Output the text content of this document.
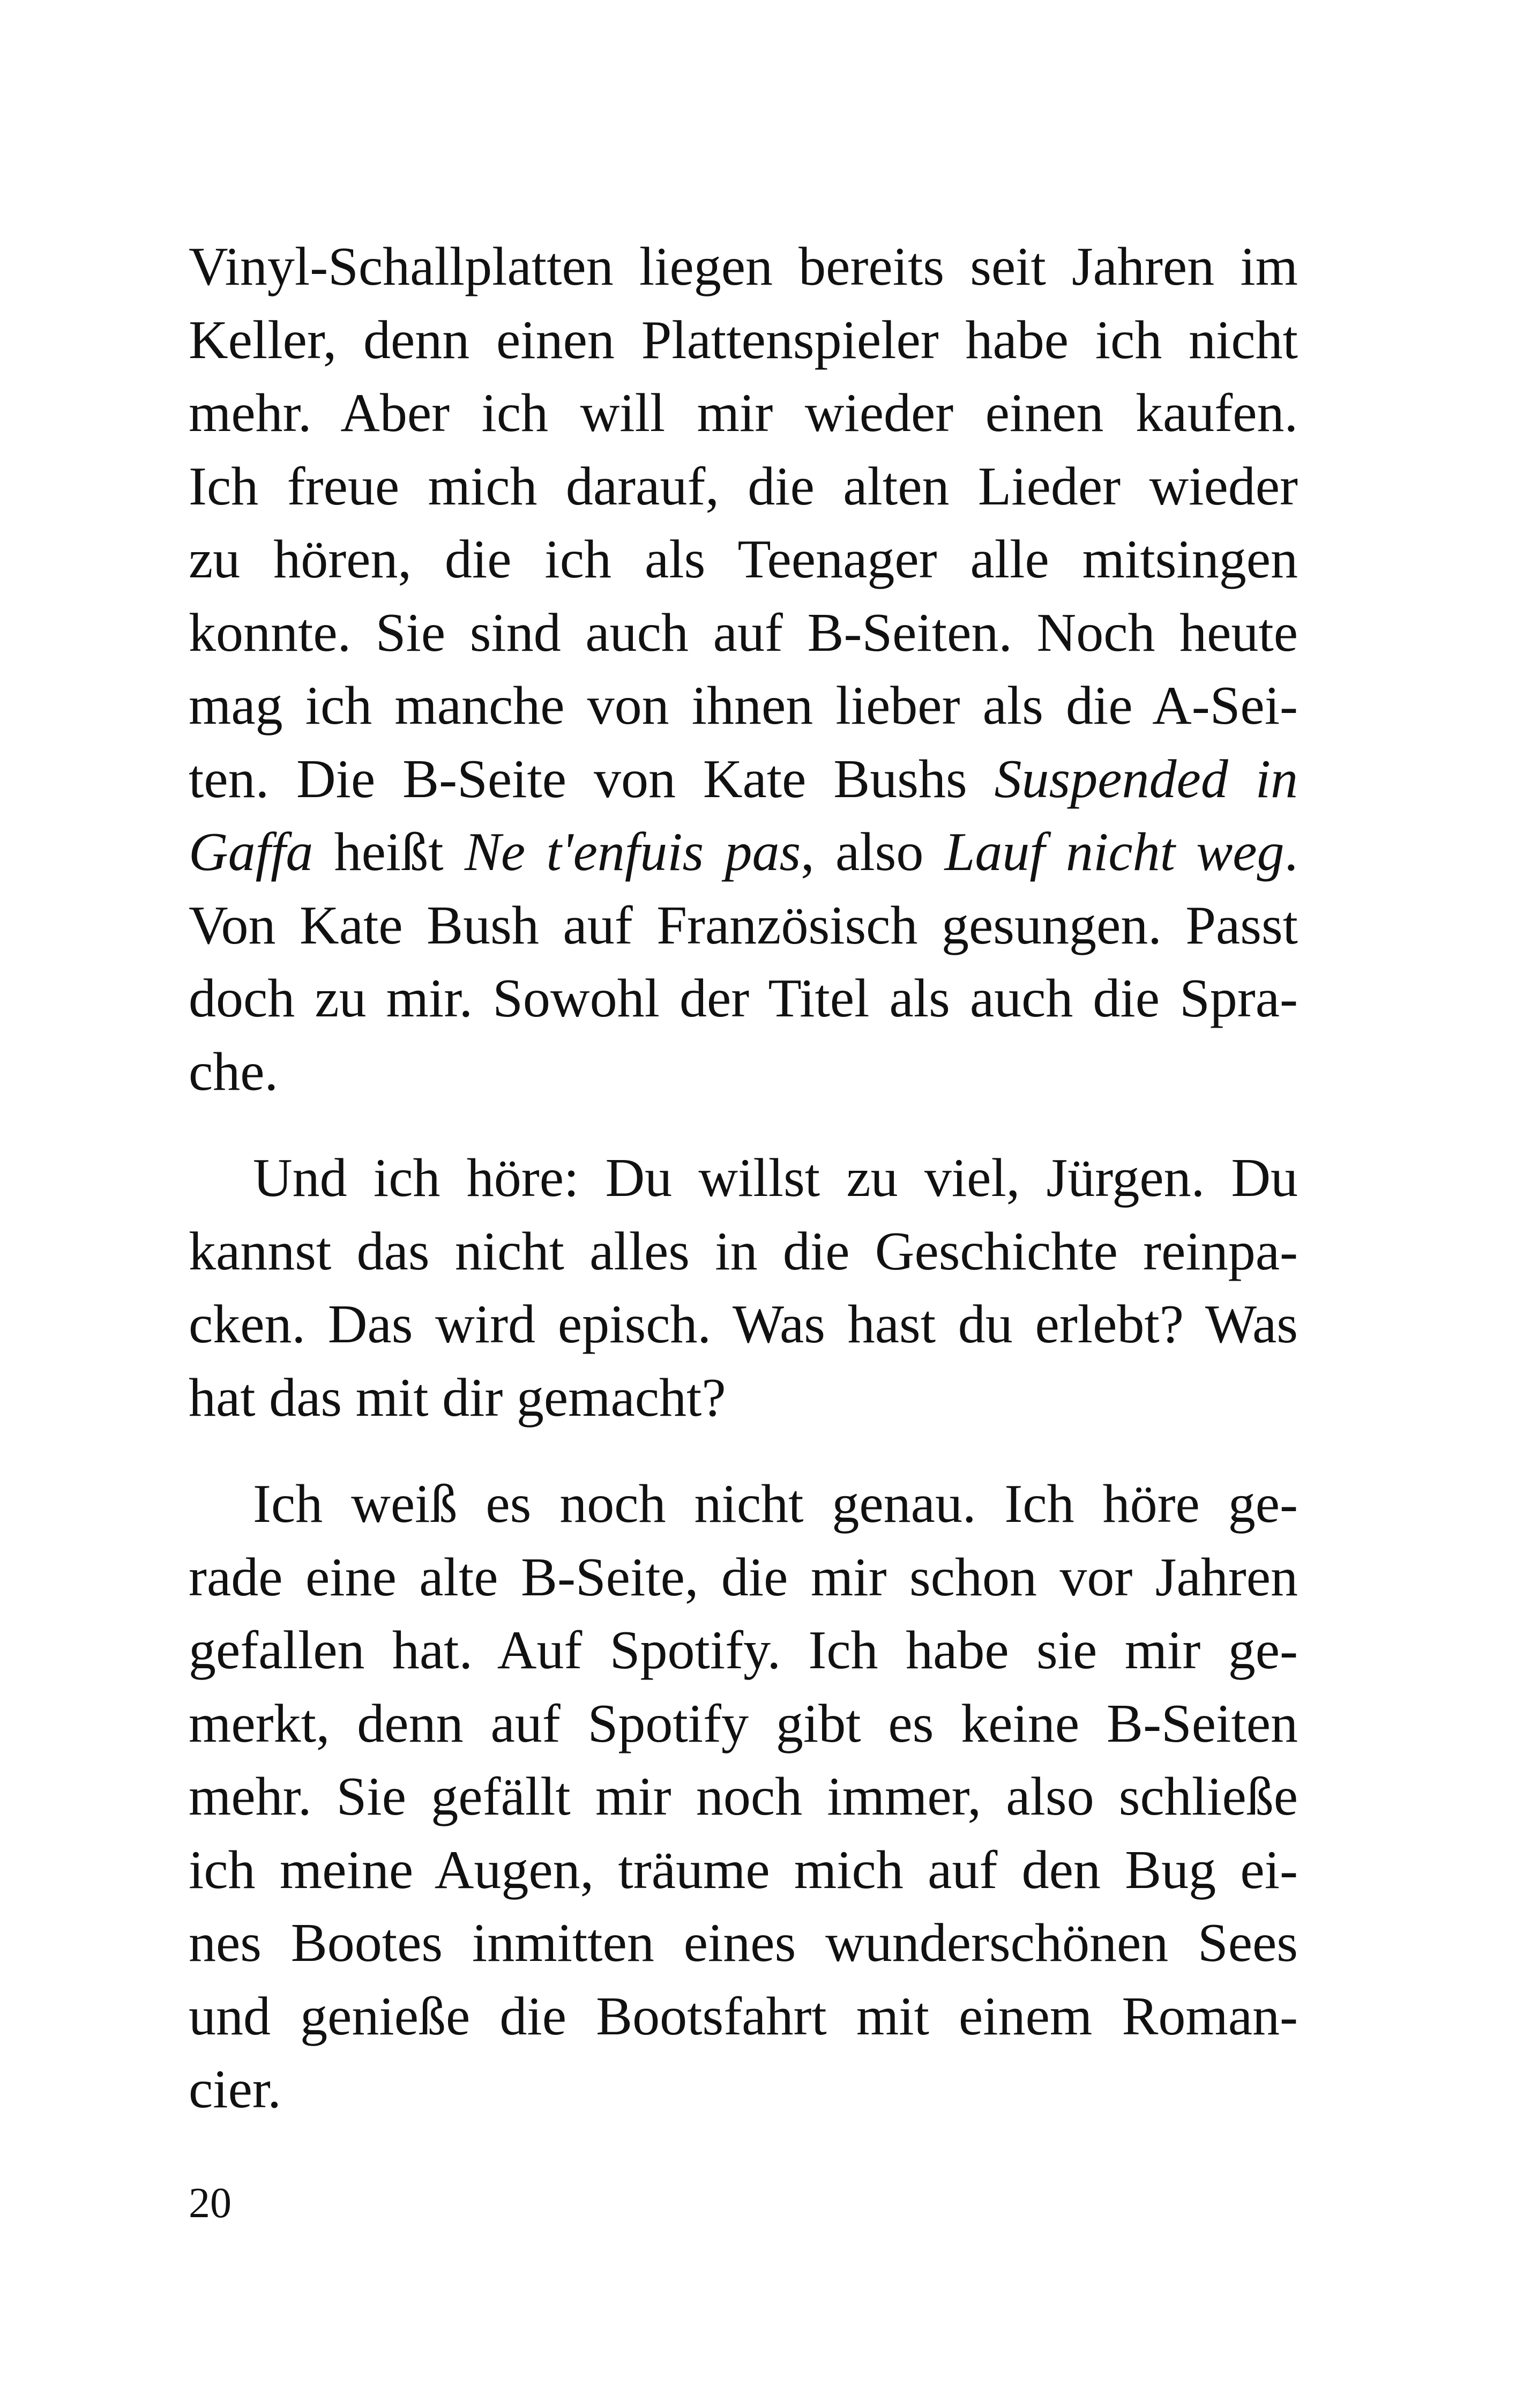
Vinyl-Schallplatten liegen bereits seit Jahren im
Keller, denn einen Plattenspieler habe ich nicht
mehr. Aber ich will mir wieder einen kaufen.
Ich freue mich darauf, die alten Lieder wieder
zu hören, die ich als Teenager alle mitsingen
konnte. Sie sind auch auf B-Seiten. Noch heute
mag ich manche von ihnen lieber als die A-Sei-
ten. Die B-Seite von Kate Bushs Suspended in
Gaffa heißt Ne t'enfuis pas, also Lauf nicht weg.
Von Kate Bush auf Französisch gesungen. Passt
doch zu mir. Sowohl der Titel als auch die Spra-
che.
Und ich höre: Du willst zu viel, Jürgen. Du
kannst das nicht alles in die Geschichte reinpa-
cken. Das wird episch. Was hast du erlebt? Was
hat das mit dir gemacht?
Ich weiß es noch nicht genau. Ich höre ge-
rade eine alte B-Seite, die mir schon vor Jahren
gefallen hat. Auf Spotify. Ich habe sie mir ge-
merkt, denn auf Spotify gibt es keine B-Seiten
mehr. Sie gefällt mir noch immer, also schließe
ich meine Augen, träume mich auf den Bug ei-
nes Bootes inmitten eines wunderschönen Sees
und genieße die Bootsfahrt mit einem Roman-
cier.
20
